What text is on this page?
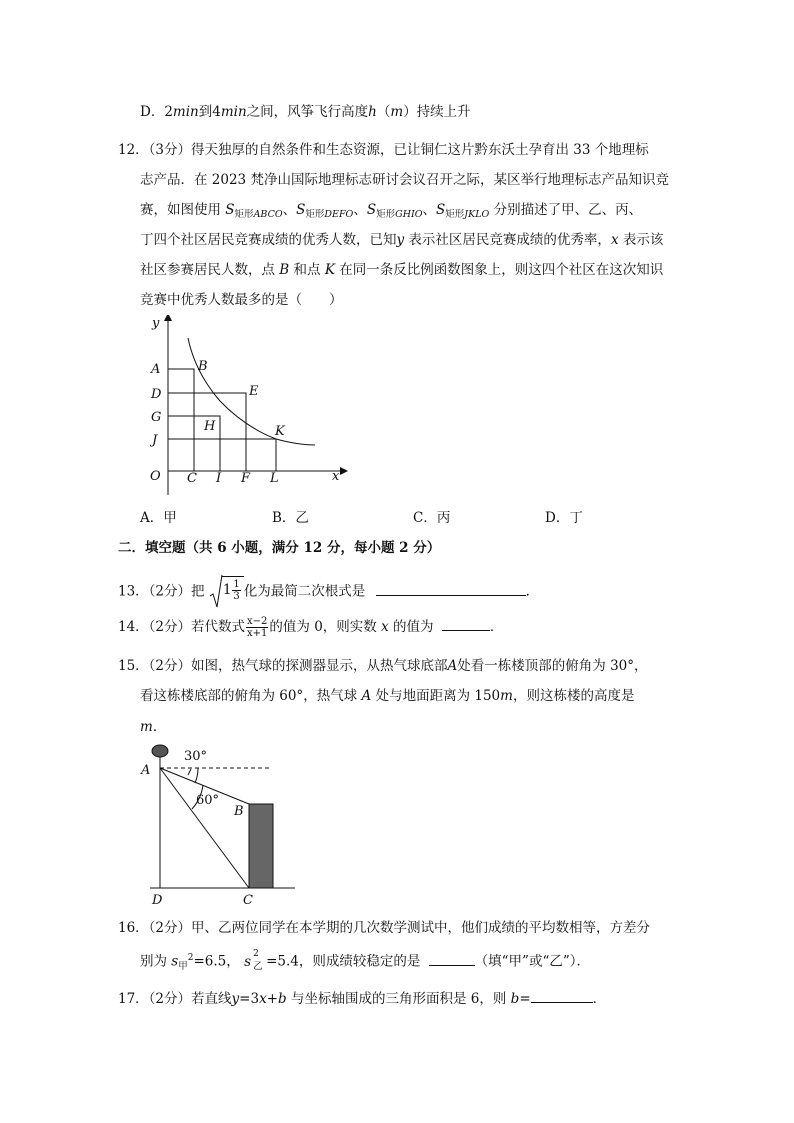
D．2min到4min之间，风筝飞行高度h（m）持续上升
12．（3分）得天独厚的自然条件和生态资源，已让铜仁这片黔东沃土孕育出 33 个地理标
志产品．在 2023 梵净山国际地理标志研讨会议召开之际，某区举行地理标志产品知识竞
赛，如图使用 $S_{矩形ABCO}$、$S_{矩形DEFO}$、$S_{矩形GHIO}$、$S_{矩形JKLO}$ 分别描述了甲、乙、丙、
丁四个社区居民竞赛成绩的优秀人数，已知y 表示社区居民竞赛成绩的优秀率，x 表示该
社区参赛居民人数，点 B 和点 K 在同一条反比例函数图象上，则这四个社区在这次知识
竞赛中优秀人数最多的是（　　）
y
x
O
A
D
G
J
C I F L
B
E
H	K
A．甲	B．乙	C．丙	D．丁
二．填空题（共 6 小题，满分 12 分，每小题 2 分）
13．（2分）把 $1 \frac{1}{3}$ 化为最简二次根式是	．
14．（2分）若代数式 $\frac{x-2}{x+1}$ 的值为 0，则实数 x 的值为	．
15．（2分）如图，热气球的探测器显示，从热气球底部A处看一栋楼顶部的俯角为 30°，
看这栋楼底部的俯角为 60°，热气球 A 处与地面距离为 150m，则这栋楼的高度是
m．
A
B
C
D
30°
60°
16．（2分）甲、乙两位同学在本学期的几次数学测试中，他们成绩的平均数相等，方差分
别为 $s_甲^2=6.5$， s 2
乙 =5.4，则成绩较稳定的是	（填“甲”或“乙”）．
17．（2分）若直线y=3x+b 与坐标轴围成的三角形面积是 6，则 b=	．
